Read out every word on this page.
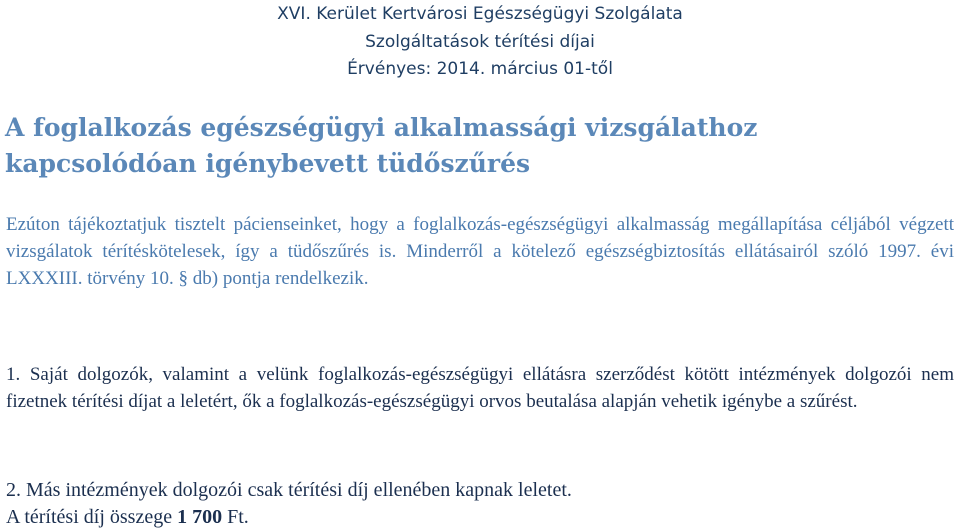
XVI. Kerület Kertvárosi Egészségügyi Szolgálata
Szolgáltatások térítési díjai
Érvényes: 2014. március 01-től
A foglalkozás egészségügyi alkalmassági vizsgálathoz kapcsolódóan igénybevett tüdőszűrés
Ezúton tájékoztatjuk tisztelt pácienseinket, hogy a foglalkozás-egészségügyi alkalmasság megállapítása céljából végzett vizsgálatok térítéskötelesek, így a tüdőszűrés is. Minderről a kötelező egészségbiztosítás ellátásairól szóló 1997. évi LXXXIII. törvény 10. § db) pontja rendelkezik.
1. Saját dolgozók, valamint a velünk foglalkozás-egészségügyi ellátásra szerződést kötött intézmények dolgozói nem fizetnek térítési díjat a leletért, ők a foglalkozás-egészségügyi orvos beutalása alapján vehetik igénybe a szűrést.
2. Más intézmények dolgozói csak térítési díj ellenében kapnak leletet.
A térítési díj összege 1 700 Ft.
